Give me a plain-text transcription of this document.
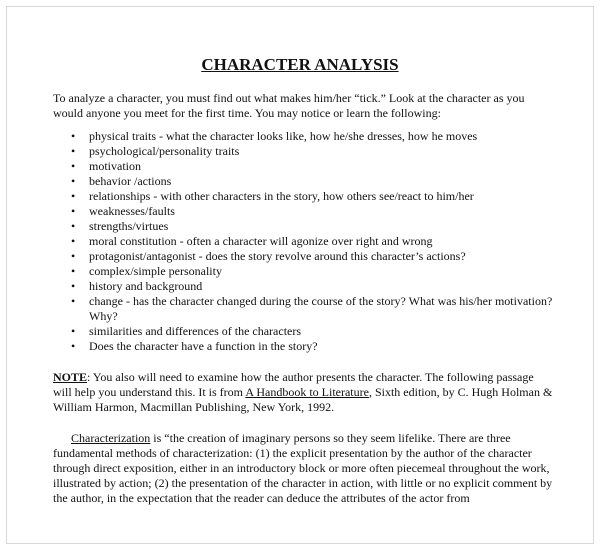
CHARACTER ANALYSIS

To analyze a character, you must find out what makes him/her “tick.” Look at the character as you would anyone you meet for the first time. You may notice or learn the following:

•	physical traits - what the character looks like, how he/she dresses, how he moves
•	psychological/personality traits
•	motivation
•	behavior /actions
•	relationships - with other characters in the story, how others see/react to him/her
•	weaknesses/faults
•	strengths/virtues
•	moral constitution - often a character will agonize over right and wrong
•	protagonist/antagonist - does the story revolve around this character’s actions?
•	complex/simple personality
•	history and background
•	change - has the character changed during the course of the story? What was his/her motivation? Why?
•	similarities and differences of the characters
•	Does the character have a function in the story?

NOTE: You also will need to examine how the author presents the character. The following passage will help you understand this. It is from A Handbook to Literature, Sixth edition, by C. Hugh Holman & William Harmon, Macmillan Publishing, New York, 1992.

Characterization is “the creation of imaginary persons so they seem lifelike. There are three fundamental methods of characterization: (1) the explicit presentation by the author of the character through direct exposition, either in an introductory block or more often piecemeal throughout the work, illustrated by action; (2) the presentation of the character in action, with little or no explicit comment by the author, in the expectation that the reader can deduce the attributes of the actor from
